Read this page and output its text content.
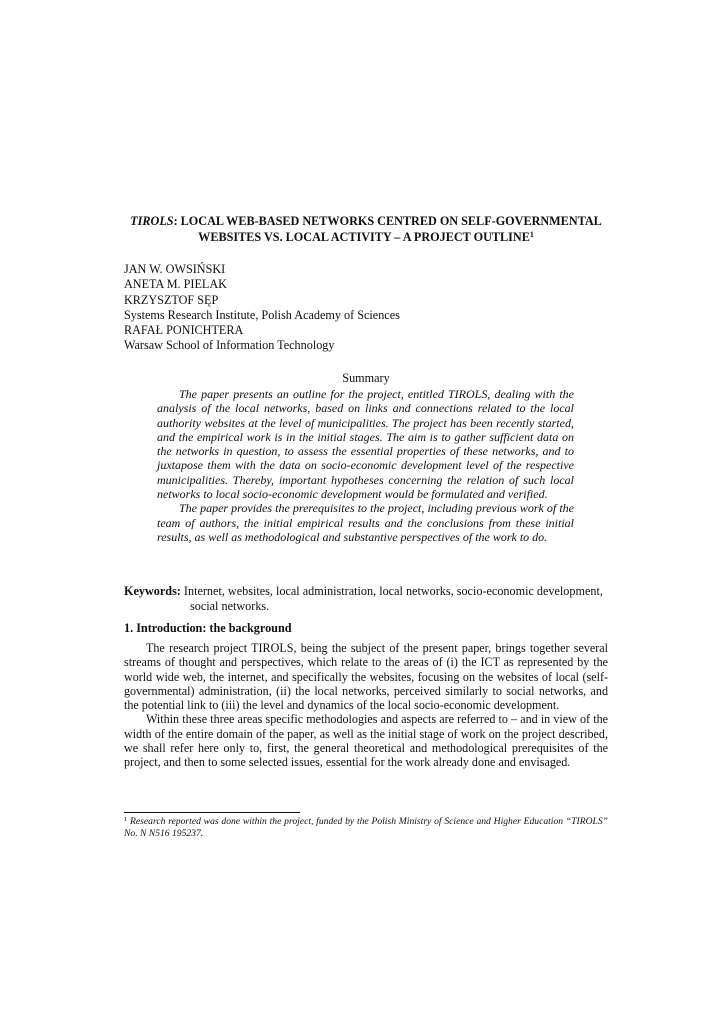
TIROLS: LOCAL WEB-BASED NETWORKS CENTRED ON SELF-GOVERNMENTAL
WEBSITES VS. LOCAL ACTIVITY – A PROJECT OUTLINE$^1$
JAN W. OWSIŃSKI
ANETA M. PIELAK
KRZYSZTOF SĘP
Systems Research Institute, Polish Academy of Sciences
RAFAŁ PONICHTERA
Warsaw School of Information Technology
Summary

The paper presents an outline for the project, entitled TIROLS, dealing with the analysis of the local networks, based on links and connections related to the local authority websites at the level of municipalities. The project has been recently started, and the empirical work is in the initial stages. The aim is to gather sufficient data on the networks in question, to assess the essential properties of these networks, and to juxtapose them with the data on socio-economic development level of the respective municipalities. Thereby, important hypotheses concerning the relation of such local networks to local socio-economic development would be formulated and verified.

The paper provides the prerequisites to the project, including previous work of the team of authors, the initial empirical results and the conclusions from these initial results, as well as methodological and substantive perspectives of the work to do.

Keywords: Internet, websites, local administration, local networks, socio-economic development,
social networks.
1. Introduction: the background

The research project TIROLS, being the subject of the present paper, brings together several streams of thought and perspectives, which relate to the areas of (i) the ICT as represented by the world wide web, the internet, and specifically the websites, focusing on the websites of local (self-governmental) administration, (ii) the local networks, perceived similarly to social networks, and the potential link to (iii) the level and dynamics of the local socio-economic development.

Within these three areas specific methodologies and aspects are referred to – and in view of the width of the entire domain of the paper, as well as the initial stage of work on the project described, we shall refer here only to, first, the general theoretical and methodological prerequisites of the project, and then to some selected issues, essential for the work already done and envisaged.

$^1$ Research reported was done within the project, funded by the Polish Ministry of Science and Higher Education “TIROLS” No. N N516 195237.
